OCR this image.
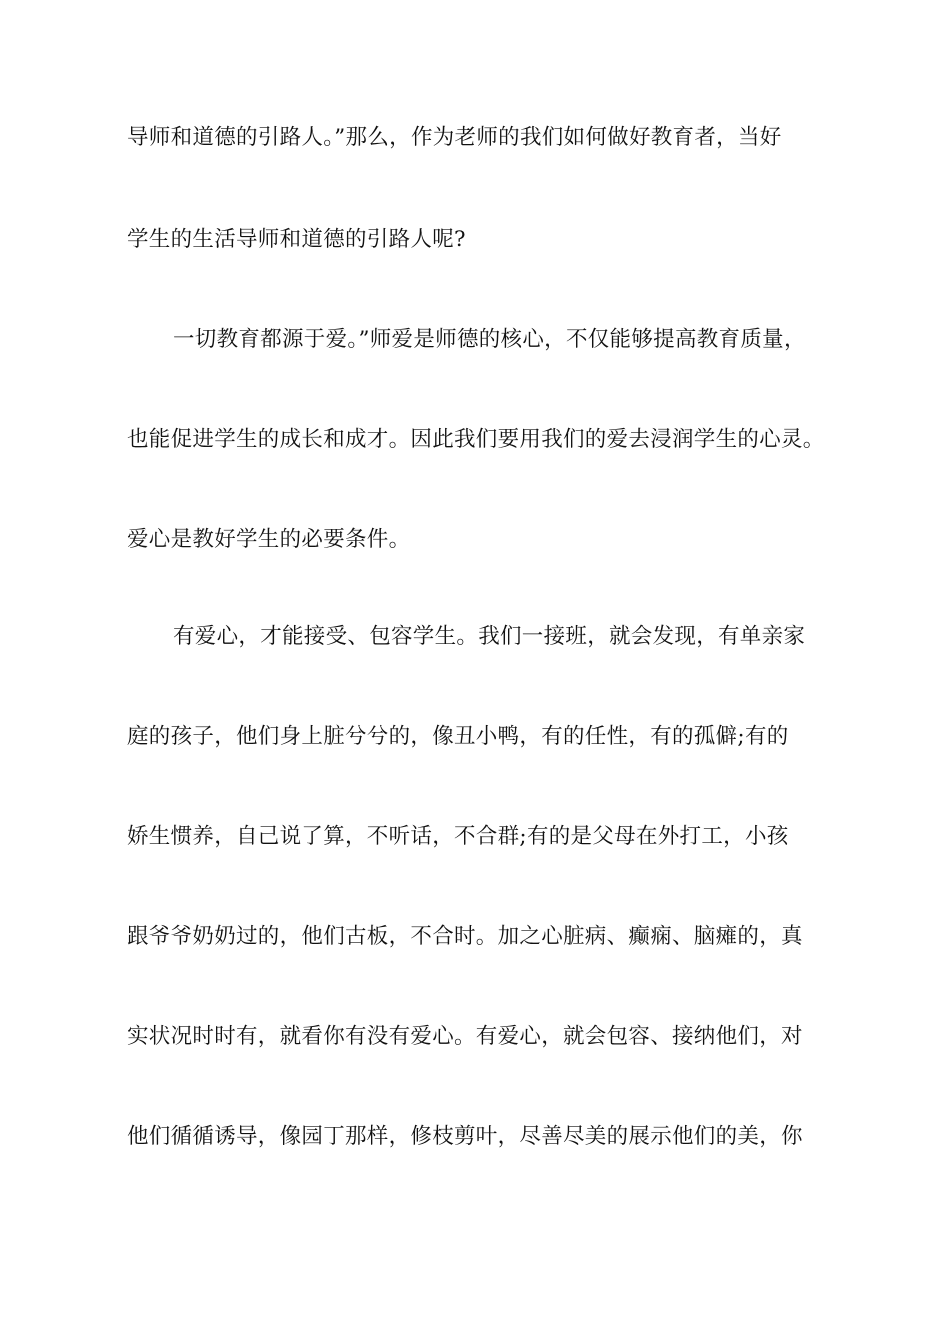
导师和道德的引路人。”那么，作为老师的我们如何做好教育者，当好
学生的生活导师和道德的引路人呢?
一切教育都源于爱。”师爱是师德的核心，不仅能够提高教育质量，
也能促进学生的成长和成才。因此我们要用我们的爱去浸润学生的心灵。
爱心是教好学生的必要条件。
有爱心，才能接受、包容学生。我们一接班，就会发现，有单亲家
庭的孩子，他们身上脏兮兮的，像丑小鸭，有的任性，有的孤僻;有的
娇生惯养，自己说了算，不听话，不合群;有的是父母在外打工，小孩
跟爷爷奶奶过的，他们古板，不合时。加之心脏病、癫痫、脑瘫的，真
实状况时时有，就看你有没有爱心。有爱心，就会包容、接纳他们，对
他们循循诱导，像园丁那样，修枝剪叶，尽善尽美的展示他们的美，你
